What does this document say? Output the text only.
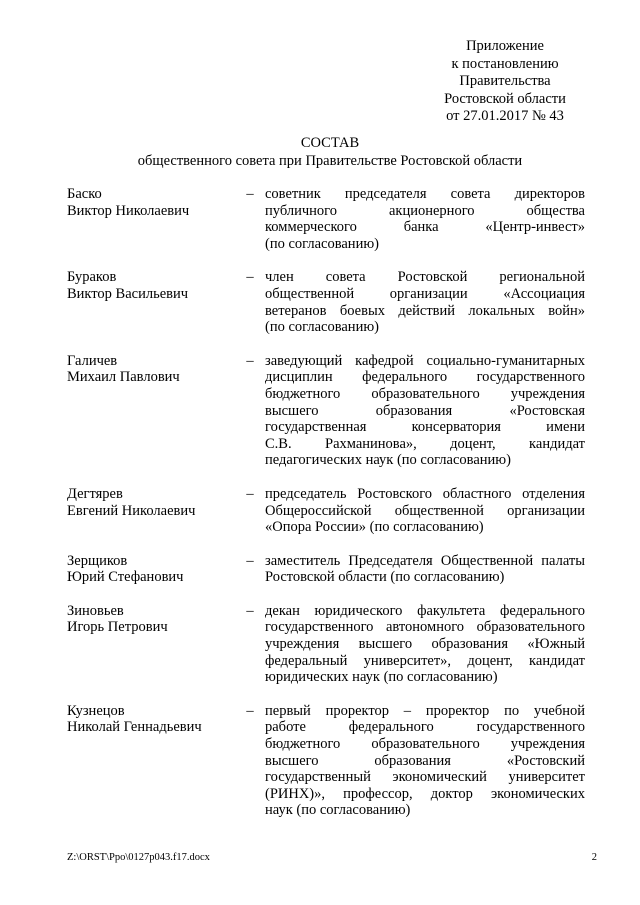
Приложение
к постановлению
Правительства
Ростовской области
от 27.01.2017 № 43
СОСТАВ
общественного совета при Правительстве Ростовской области
Баско
Виктор Николаевич
– советник председателя совета директоров
публичного акционерного общества
коммерческого банка «Центр-инвест»
(по согласованию)
Бураков
Виктор Васильевич
– член совета Ростовской региональной
общественной организации «Ассоциация
ветеранов боевых действий локальных войн»
(по согласованию)
Галичев
Михаил Павлович
– заведующий кафедрой социально-гуманитарных
дисциплин федерального государственного
бюджетного образовательного учреждения
высшего образования «Ростовская
государственная консерватория имени
С.В. Рахманинова», доцент, кандидат
педагогических наук (по согласованию)
Дегтярев
Евгений Николаевич
– председатель Ростовского областного отделения
Общероссийской общественной организации
«Опора России» (по согласованию)
Зерщиков
Юрий Стефанович
– заместитель Председателя Общественной палаты
Ростовской области (по согласованию)
Зиновьев
Игорь Петрович
– декан юридического факультета федерального
государственного автономного образовательного
учреждения высшего образования «Южный
федеральный университет», доцент, кандидат
юридических наук (по согласованию)
Кузнецов
Николай Геннадьевич
– первый проректор – проректор по учебной
работе федерального государственного
бюджетного образовательного учреждения
высшего образования «Ростовский
государственный экономический университет
(РИНХ)», профессор, доктор экономических
наук (по согласованию)
Z:\ORST\Ppo\0127p043.f17.docx	2
